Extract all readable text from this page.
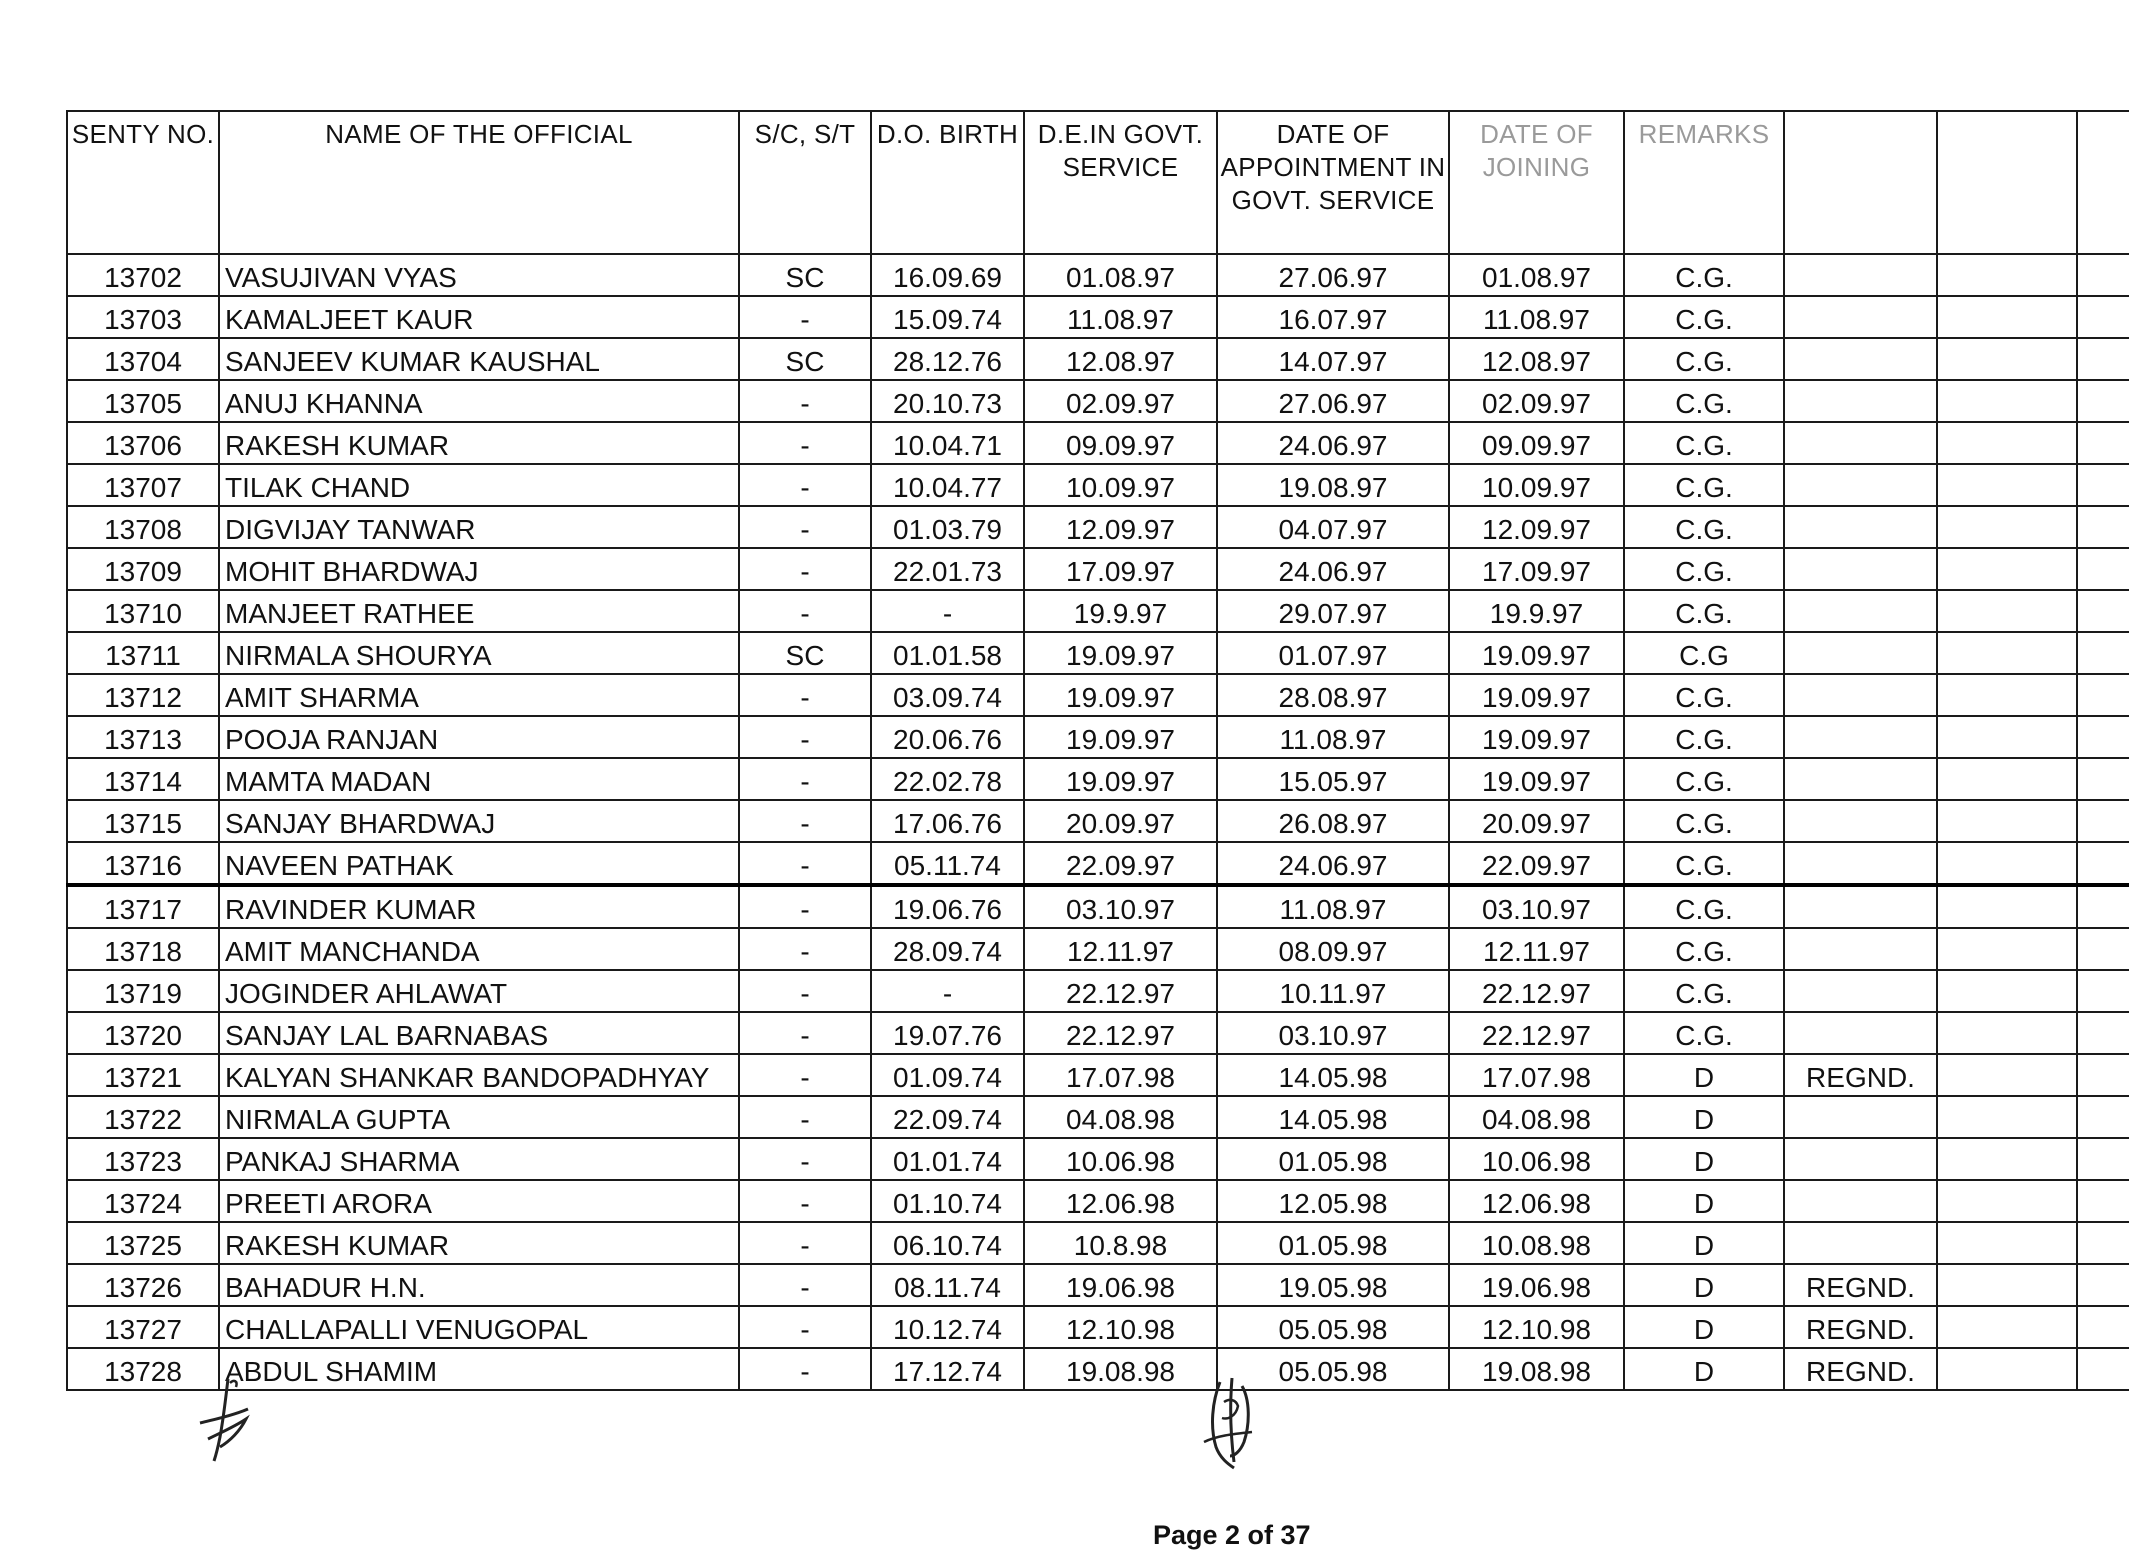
SENTY NO.	NAME OF THE OFFICIAL	S/C, S/T	D.O. BIRTH	D.E.IN GOVT. SERVICE	DATE OF APPOINTMENT IN GOVT. SERVICE	DATE OF JOINING	REMARKS			
13702	VASUJIVAN VYAS	SC	16.09.69	01.08.97	27.06.97	01.08.97	C.G.			
13703	KAMALJEET KAUR	-	15.09.74	11.08.97	16.07.97	11.08.97	C.G.			
13704	SANJEEV KUMAR KAUSHAL	SC	28.12.76	12.08.97	14.07.97	12.08.97	C.G.			
13705	ANUJ KHANNA	-	20.10.73	02.09.97	27.06.97	02.09.97	C.G.			
13706	RAKESH KUMAR	-	10.04.71	09.09.97	24.06.97	09.09.97	C.G.			
13707	TILAK CHAND	-	10.04.77	10.09.97	19.08.97	10.09.97	C.G.			
13708	DIGVIJAY TANWAR	-	01.03.79	12.09.97	04.07.97	12.09.97	C.G.			
13709	MOHIT BHARDWAJ	-	22.01.73	17.09.97	24.06.97	17.09.97	C.G.			
13710	MANJEET RATHEE	-	-	19.9.97	29.07.97	19.9.97	C.G.			
13711	NIRMALA SHOURYA	SC	01.01.58	19.09.97	01.07.97	19.09.97	C.G			
13712	AMIT SHARMA	-	03.09.74	19.09.97	28.08.97	19.09.97	C.G.			
13713	POOJA RANJAN	-	20.06.76	19.09.97	11.08.97	19.09.97	C.G.			
13714	MAMTA MADAN	-	22.02.78	19.09.97	15.05.97	19.09.97	C.G.			
13715	SANJAY BHARDWAJ	-	17.06.76	20.09.97	26.08.97	20.09.97	C.G.			
13716	NAVEEN PATHAK	-	05.11.74	22.09.97	24.06.97	22.09.97	C.G.			
13717	RAVINDER KUMAR	-	19.06.76	03.10.97	11.08.97	03.10.97	C.G.			
13718	AMIT MANCHANDA	-	28.09.74	12.11.97	08.09.97	12.11.97	C.G.			
13719	JOGINDER AHLAWAT	-	-	22.12.97	10.11.97	22.12.97	C.G.			
13720	SANJAY LAL BARNABAS	-	19.07.76	22.12.97	03.10.97	22.12.97	C.G.			
13721	KALYAN SHANKAR BANDOPADHYAY	-	01.09.74	17.07.98	14.05.98	17.07.98	D	REGND.		
13722	NIRMALA GUPTA	-	22.09.74	04.08.98	14.05.98	04.08.98	D			
13723	PANKAJ SHARMA	-	01.01.74	10.06.98	01.05.98	10.06.98	D			
13724	PREETI ARORA	-	01.10.74	12.06.98	12.05.98	12.06.98	D			
13725	RAKESH KUMAR	-	06.10.74	10.8.98	01.05.98	10.08.98	D			
13726	BAHADUR H.N.	-	08.11.74	19.06.98	19.05.98	19.06.98	D	REGND.		
13727	CHALLAPALLI VENUGOPAL	-	10.12.74	12.10.98	05.05.98	12.10.98	D	REGND.		
13728	ABDUL SHAMIM	-	17.12.74	19.08.98	05.05.98	19.08.98	D	REGND.		
Page 2 of 37
